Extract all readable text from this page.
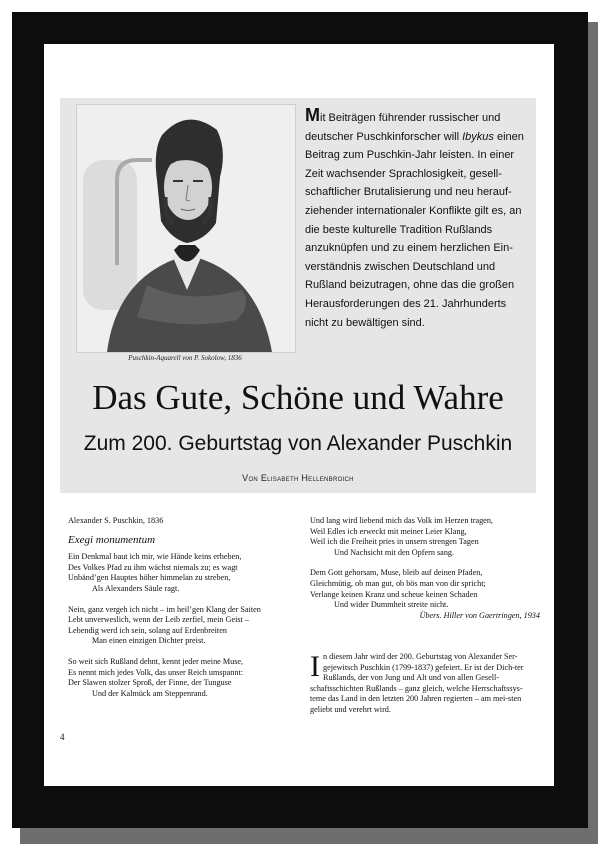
Puschkin-Aquarell von P. Sokolow, 1836
Mit Beiträgen führender russischer und deutscher Puschkinforscher will Ibykus einen Beitrag zum Puschkin-Jahr leisten. In einer Zeit wachsender Sprachlosigkeit, gesell-schaftlicher Brutalisierung und neu herauf-ziehender internationaler Konflikte gilt es, an die beste kulturelle Tradition Rußlands anzuknüpfen und zu einem herzlichen Ein-verständnis zwischen Deutschland und Rußland beizutragen, ohne das die großen Herausforderungen des 21. Jahrhunderts nicht zu bewältigen sind.
Das Gute, Schöne und Wahre
Zum 200. Geburtstag von Alexander Puschkin
Von Elisabeth Hellenbroich
Alexander S. Puschkin, 1836
Exegi monumentum
Ein Denkmal baut ich mir, wie Hände keins erheben,
Des Volkes Pfad zu ihm wächst niemals zu; es wagt
Unbänd’gen Hauptes höher himmelan zu streben,
Als Alexanders Säule ragt.
Nein, ganz vergeh ich nicht – im heil’gen Klang der Saiten
Lebt unverweslich, wenn der Leib zerfiel, mein Geist –
Lebendig werd ich sein, solang auf Erdenbreiten
Man einen einzigen Dichter preist.
So weit sich Rußland dehnt, kennt jeder meine Muse,
Es nennt mich jedes Volk, das unser Reich umspannt:
Der Slawen stolzer Sproß, der Finne, der Tunguse
Und der Kalmück am Steppenrand.
Und lang wird liebend mich das Volk im Herzen tragen,
Weil Edles ich erweckt mit meiner Leier Klang,
Weil ich die Freiheit pries in unsern strengen Tagen
Und Nachsicht mit den Opfern sang.
Dem Gott gehorsam, Muse, bleib auf deinen Pfaden,
Gleichmütig, ob man gut, ob bös man von dir spricht;
Verlange keinen Kranz und scheue keinen Schaden
Und wider Dummheit streite nicht.
Übers. Hiller von Gaertringen, 1934
In diesem Jahr wird der 200. Geburtstag von Alexander Ser-gejewitsch Puschkin (1799-1837) gefeiert. Er ist der Dich-ter Rußlands, der von Jung und Alt und von allen Gesell-schaftsschichten Rußlands – ganz gleich, welche Herrschaftssys-teme das Land in den letzten 200 Jahren regierten – am mei-sten geliebt und verehrt wird.
4
